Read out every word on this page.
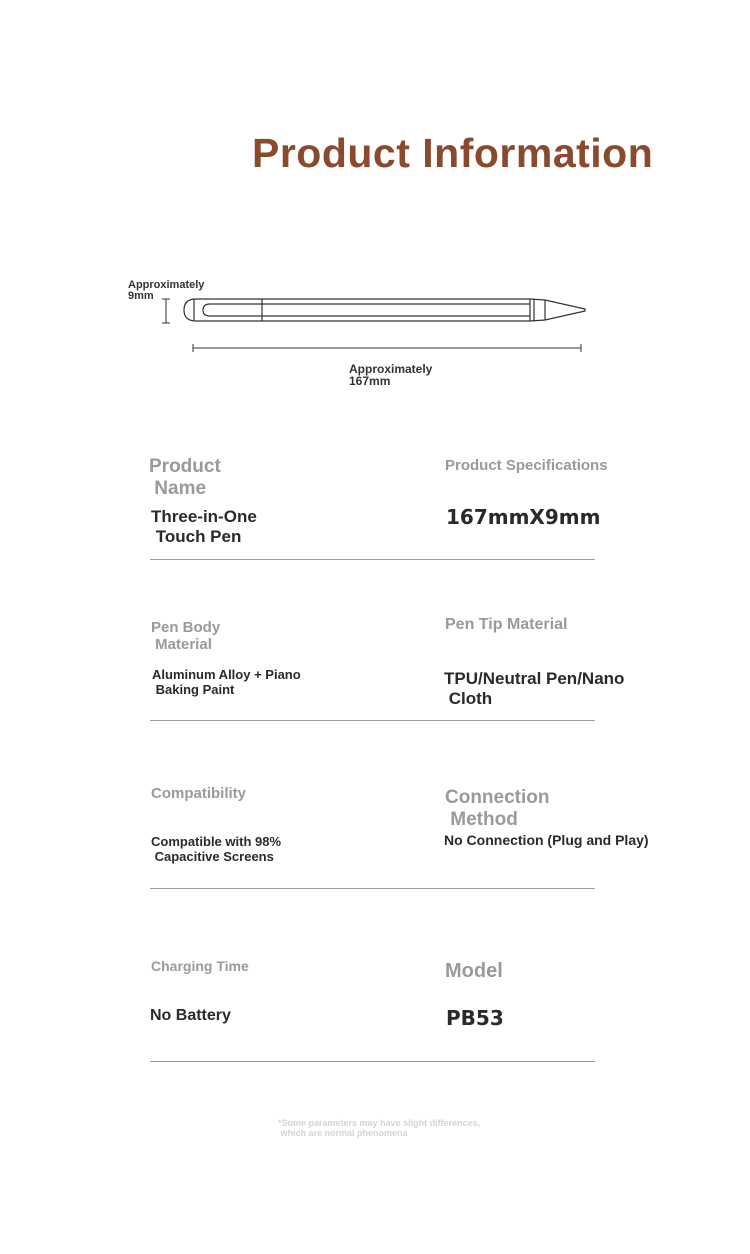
Product Information
Approximately
9mm
Approximately
167mm
Product
Name
Three-in-One
Touch Pen
Product Specifications
167mmX9mm
Pen Body
Material
Aluminum Alloy + Piano
Baking Paint
Pen Tip Material
TPU/Neutral Pen/Nano
Cloth
Compatibility
Compatible with 98%
Capacitive Screens
Connection
Method
No Connection (Plug and Play)
Charging Time
No Battery
Model
PB53
*Some parameters may have slight differences,
which are normal phenomena
